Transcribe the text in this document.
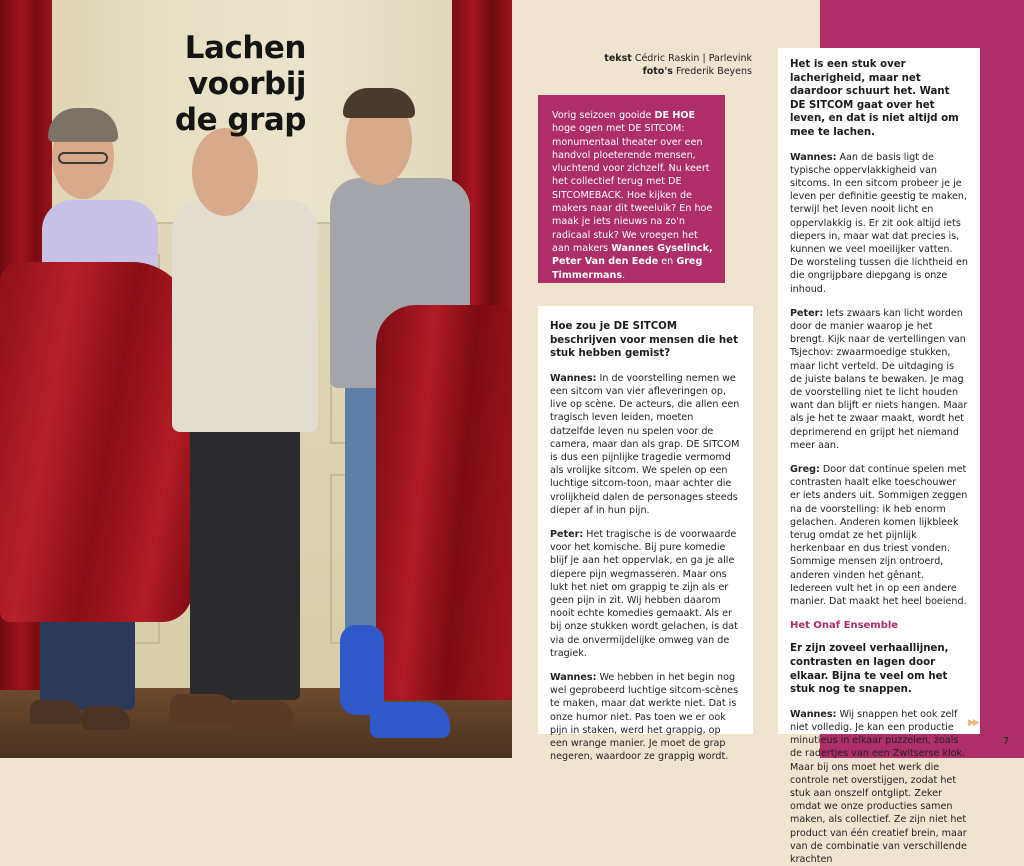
Lachen voorbij
de grap
tekst Cédric Raskin | Parlevink
foto's Frederik Beyens
Vorig seizoen gooide DE HOE hoge ogen met DE SITCOM: monumentaal theater over een handvol ploeterende mensen, vluchtend voor zichzelf. Nu keert het collectief terug met DE SITCOMEBACK. Hoe kijken de makers naar dit tweeluik? En hoe maak je iets nieuws na zo'n radicaal stuk? We vroegen het aan makers Wannes Gyselinck, Peter Van den Eede en Greg Timmermans.
Hoe zou je DE SITCOM beschrijven voor mensen die het stuk hebben gemist?
Wannes: In de voorstelling nemen we een sitcom van vier afleveringen op, live op scène. De acteurs, die allen een tragisch leven leiden, moeten datzelfde leven nu spelen voor de camera, maar dan als grap. DE SITCOM is dus een pijnlijke tragedie vermomd als vrolijke sitcom. We spelen op een luchtige sitcom-toon, maar achter die vrolijkheid dalen de personages steeds dieper af in hun pijn.
Peter: Het tragische is de voorwaarde voor het komische. Bij pure komedie blijf je aan het oppervlak, en ga je alle diepere pijn wegmasseren. Maar ons lukt het niet om grappig te zijn als er geen pijn in zit. Wij hebben daarom nooit echte komedies gemaakt. Als er bij onze stukken wordt gelachen, is dat via de onvermijdelijke omweg van de tragiek.
Wannes: We hebben in het begin nog wel geprobeerd luchtige sitcom-scènes te maken, maar dat werkte niet. Dat is onze humor niet. Pas toen we er ook pijn in staken, werd het grappig, op een wrange manier. Je moet de grap negeren, waardoor ze grappig wordt.
Het is een stuk over lacherigheid, maar net daardoor schuurt het. Want DE SITCOM gaat over het leven, en dat is niet altijd om mee te lachen.
Wannes: Aan de basis ligt de typische oppervlakkigheid van sitcoms. In een sitcom probeer je je leven per definitie geestig te maken, terwijl het leven nooit licht en oppervlakkig is. Er zit ook altijd iets diepers in, maar wat dat precies is, kunnen we veel moeilijker vatten. De worsteling tussen die lichtheid en die ongrijpbare diepgang is onze inhoud.
Peter: Iets zwaars kan licht worden door de manier waarop je het brengt. Kijk naar de vertellingen van Tsjechov: zwaarmoedige stukken, maar licht verteld. De uitdaging is de juiste balans te bewaken. Je mag de voorstelling niet te licht houden want dan blijft er niets hangen. Maar als je het te zwaar maakt, wordt het deprimerend en grijpt het niemand meer aan.
Greg: Door dat continue spelen met contrasten haalt elke toeschouwer er iets anders uit. Sommigen zeggen na de voorstelling: ik heb enorm gelachen. Anderen komen lijkbleek terug omdat ze het pijnlijk herkenbaar en dus triest vonden. Sommige mensen zijn ontroerd, anderen vinden het gênant. Iedereen vult het in op een andere manier. Dat maakt het heel boeiend.
Het Onaf Ensemble
Er zijn zoveel verhaallijnen, contrasten en lagen door elkaar. Bijna te veel om het stuk nog te snappen.
Wannes: Wij snappen het ook zelf niet volledig. Je kan een productie minutieus in elkaar puzzelen, zoals de radertjes van een Zwitserse klok. Maar bij ons moet het werk die controle net overstijgen, zodat het stuk aan onszelf ontglipt. Zeker omdat we onze producties samen maken, als collectief. Ze zijn niet het product van één creatief brein, maar van de combinatie van verschillende krachten
▶▶
7
